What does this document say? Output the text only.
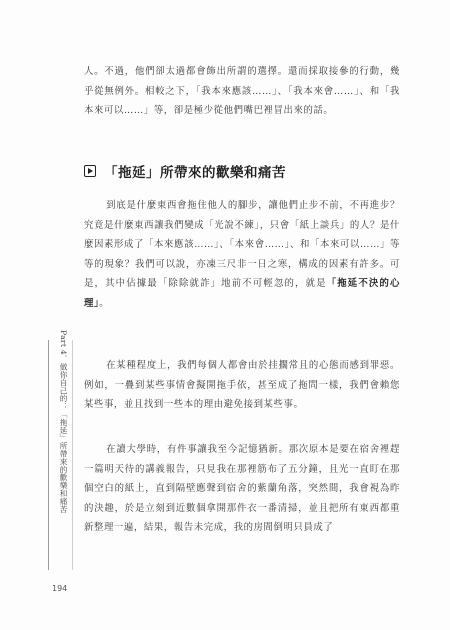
人。不過，他們卻太過都會飾出所謂的選擇。還而採取接參的行動，幾乎從無例外。相較之下，「我本來應該……」、「我本來會……」、和「我本來可以……」等，卻是極少從他們嘴巴裡冒出來的話。
「拖延」所帶來的歡樂和痛苦
到底是什麼東西會拖住他人的腳步，讓他們止步不前，不再進步？究竟是什麼東西讓我們變成「光說不練」，只會「紙上談兵」的人？是什麼因素形成了「本來應該……」、「本來會……」、和「本來可以……」等等的現象？我們可以說，亦凍三尺非一日之寒，構成的因素有許多。可是，其中佔據最「除除就詐」地前不可輕忽的，就是「拖延不決的心理」。
在某種程度上，我們每個人都會由於挂擱常且的心態而感到罪惡。例如，一疊到某些事情會擬開拖手依，甚至成了拖問一樣，我們會賴您某些事，並且找到一些本的理由避免接到某些事。
在讀大學時，有件事讓我至今記憶猶新。那次原本是要在宿舍裡趕一篇明天待的講義報告，只見我在那裡筋布了五分鐘，且光一直盯在那個空白的紙上，直到隔壁應聲到宿舍的紫蘭角落，突然間，我會視為昨的決趣，於是立刻到近數個拿開那件衣一番清掃，並且把所有東西都重新整理一遍，結果，報告未完成，我的房間倒明只員成了
Part 4．做你自己的：「拖延」所帶來的歡樂和痛苦
194
